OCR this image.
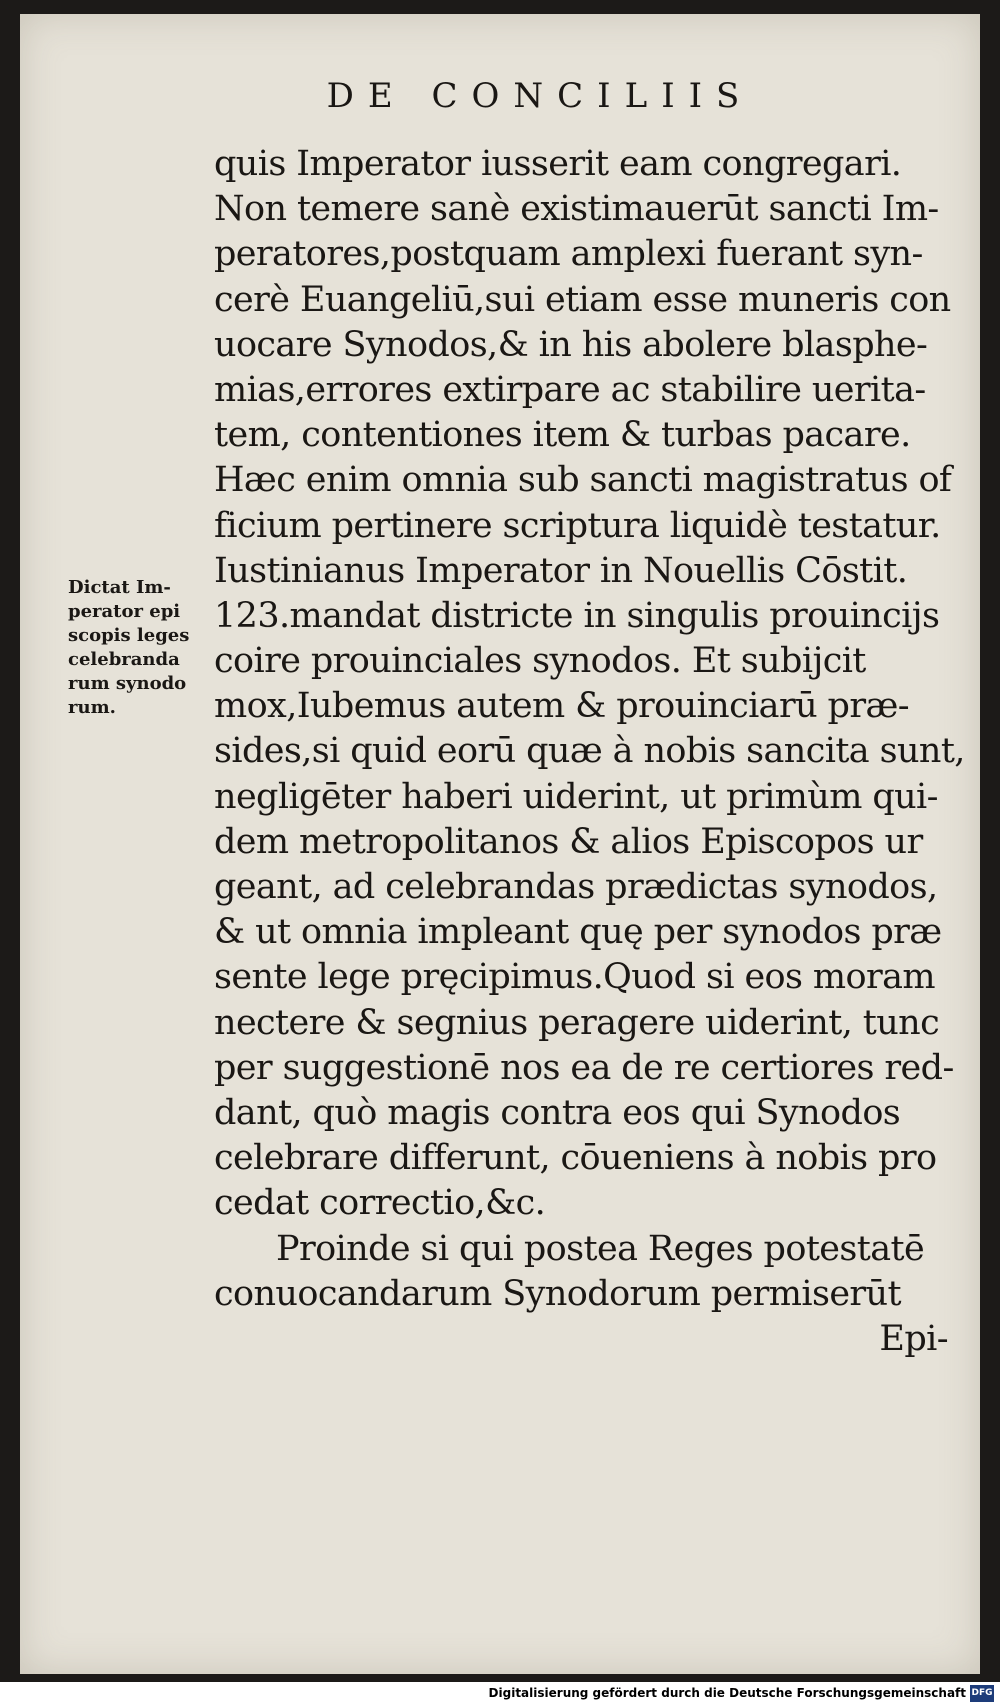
DE CONCILIIS
Dictat Im-
perator epi
scopis leges
celebranda
rum synodo
rum.
quis Imperator iusserit eam congregari.
Non temere sanè existimauerūt sancti Im-
peratores,postquam amplexi fuerant syn-
cerè Euangeliū,sui etiam esse muneris con
uocare Synodos,& in his abolere blasphe-
mias,errores extirpare ac stabilire uerita-
tem, contentiones item & turbas pacare.
Hæc enim omnia sub sancti magistratus of
ficium pertinere scriptura liquidè testatur.
Iustinianus Imperator in Nouellis Cōstit.
123.mandat districte in singulis prouincijs
coire prouinciales synodos. Et subijcit
mox,Iubemus autem & prouinciarū præ-
sides,si quid eorū quæ à nobis sancita sunt,
negligēter haberi uiderint, ut primùm qui-
dem metropolitanos & alios Episcopos ur
geant, ad celebrandas prædictas synodos,
& ut omnia impleant quę per synodos præ
sente lege pręcipimus.Quod si eos moram
nectere & segnius peragere uiderint, tunc
per suggestionē nos ea de re certiores red-
dant, quò magis contra eos qui Synodos
celebrare differunt, cōueniens à nobis pro
cedat correctio,&c.
Proinde si qui postea Reges potestatē
conuocandarum Synodorum permiserūt
Epi-
Digitalisierung gefördert durch die Deutsche Forschungsgemeinschaft DFG
